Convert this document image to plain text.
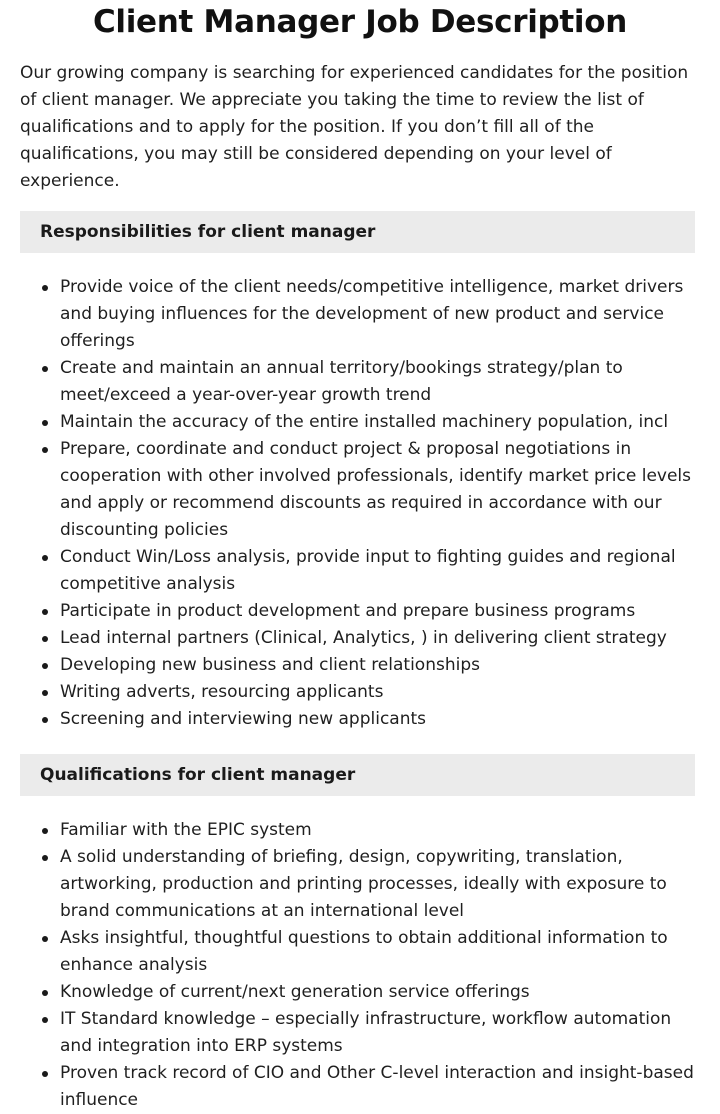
Client Manager Job Description

Our growing company is searching for experienced candidates for the position of client manager. We appreciate you taking the time to review the list of qualifications and to apply for the position. If you don’t fill all of the qualifications, you may still be considered depending on your level of experience.

Responsibilities for client manager
Provide voice of the client needs/competitive intelligence, market drivers and buying influences for the development of new product and service offerings
Create and maintain an annual territory/bookings strategy/plan to meet/exceed a year-over-year growth trend
Maintain the accuracy of the entire installed machinery population, incl
Prepare, coordinate and conduct project & proposal negotiations in cooperation with other involved professionals, identify market price levels and apply or recommend discounts as required in accordance with our discounting policies
Conduct Win/Loss analysis, provide input to fighting guides and regional competitive analysis
Participate in product development and prepare business programs
Lead internal partners (Clinical, Analytics, ) in delivering client strategy
Developing new business and client relationships
Writing adverts, resourcing applicants
Screening and interviewing new applicants
Qualifications for client manager
Familiar with the EPIC system
A solid understanding of briefing, design, copywriting, translation, artworking, production and printing processes, ideally with exposure to brand communications at an international level
Asks insightful, thoughtful questions to obtain additional information to enhance analysis
Knowledge of current/next generation service offerings
IT Standard knowledge – especially infrastructure, workflow automation and integration into ERP systems
Proven track record of CIO and Other C-level interaction and insight-based influence
